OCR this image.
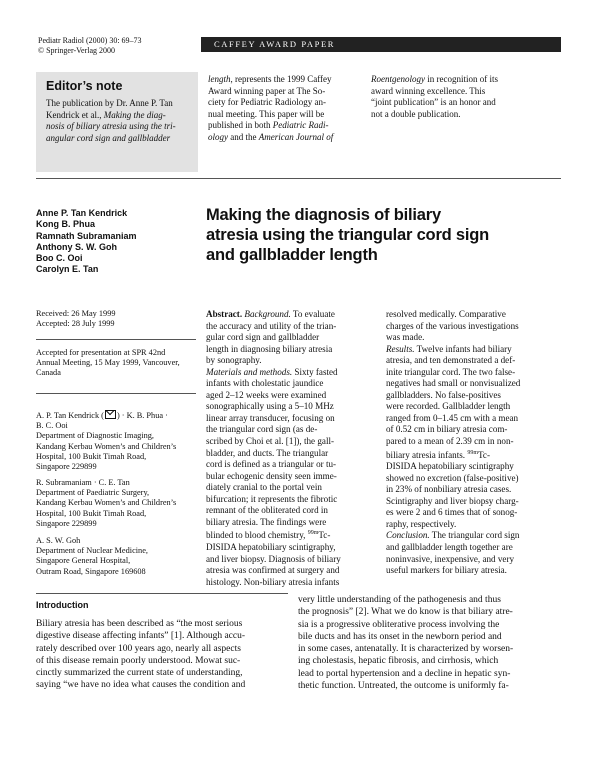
Pediatr Radiol (2000) 30: 69–73
© Springer-Verlag 2000
CAFFEY AWARD PAPER
Editor’s note
The publication by Dr. Anne P. Tan
Kendrick et al., Making the diag-
nosis of biliary atresia using the tri-
angular cord sign and gallbladder
length, represents the 1999 Caffey
Award winning paper at The So-
ciety for Pediatric Radiology an-
nual meeting. This paper will be
published in both Pediatric Radi-
ology and the American Journal of
Roentgenology in recognition of its
award winning excellence. This
“joint publication” is an honor and
not a double publication.
Anne P. Tan Kendrick
Kong B. Phua
Ramnath Subramaniam
Anthony S. W. Goh
Boo C. Ooi
Carolyn E. Tan
Making the diagnosis of biliary
atresia using the triangular cord sign
and gallbladder length
Received: 26 May 1999
Accepted: 28 July 1999
Accepted for presentation at SPR 42nd
Annual Meeting, 15 May 1999, Vancouver,
Canada
A. P. Tan Kendrick ( ) · K. B. Phua ·
B. C. Ooi
Department of Diagnostic Imaging,
Kandang Kerbau Women’s and Children’s
Hospital, 100 Bukit Timah Road,
Singapore 229899
R. Subramaniam · C. E. Tan
Department of Paediatric Surgery,
Kandang Kerbau Women’s and Children’s
Hospital, 100 Bukit Timah Road,
Singapore 229899
A. S. W. Goh
Department of Nuclear Medicine,
Singapore General Hospital,
Outram Road, Singapore 169608
Abstract. Background. To evaluate
the accuracy and utility of the trian-
gular cord sign and gallbladder
length in diagnosing biliary atresia
by sonography.
Materials and methods. Sixty fasted
infants with cholestatic jaundice
aged 2–12 weeks were examined
sonographically using a 5–10 MHz
linear array transducer, focusing on
the triangular cord sign (as de-
scribed by Choi et al. [1]), the gall-
bladder, and ducts. The triangular
cord is defined as a triangular or tu-
bular echogenic density seen imme-
diately cranial to the portal vein
bifurcation; it represents the fibrotic
remnant of the obliterated cord in
biliary atresia. The findings were
blinded to blood chemistry, $^{99m}$Tc-
DISIDA hepatobiliary scintigraphy,
and liver biopsy. Diagnosis of biliary
atresia was confirmed at surgery and
histology. Non-biliary atresia infants
resolved medically. Comparative
charges of the various investigations
was made.
Results. Twelve infants had biliary
atresia, and ten demonstrated a def-
inite triangular cord. The two false-
negatives had small or nonvisualized
gallbladders. No false-positives
were recorded. Gallbladder length
ranged from 0–1.45 cm with a mean
of 0.52 cm in biliary atresia com-
pared to a mean of 2.39 cm in non-
biliary atresia infants. $^{99m}$Tc-
DISIDA hepatobiliary scintigraphy
showed no excretion (false-positive)
in 23% of nonbiliary atresia cases.
Scintigraphy and liver biopsy charg-
es were 2 and 6 times that of sonog-
raphy, respectively.
Conclusion. The triangular cord sign
and gallbladder length together are
noninvasive, inexpensive, and very
useful markers for biliary atresia.
Introduction
Biliary atresia has been described as “the most serious
digestive disease affecting infants” [1]. Although accu-
rately described over 100 years ago, nearly all aspects
of this disease remain poorly understood. Mowat suc-
cinctly summarized the current state of understanding,
saying “we have no idea what causes the condition and
very little understanding of the pathogenesis and thus
the prognosis” [2]. What we do know is that biliary atre-
sia is a progressive obliterative process involving the
bile ducts and has its onset in the newborn period and
in some cases, antenatally. It is characterized by worsen-
ing cholestasis, hepatic fibrosis, and cirrhosis, which
lead to portal hypertension and a decline in hepatic syn-
thetic function. Untreated, the outcome is uniformly fa-
